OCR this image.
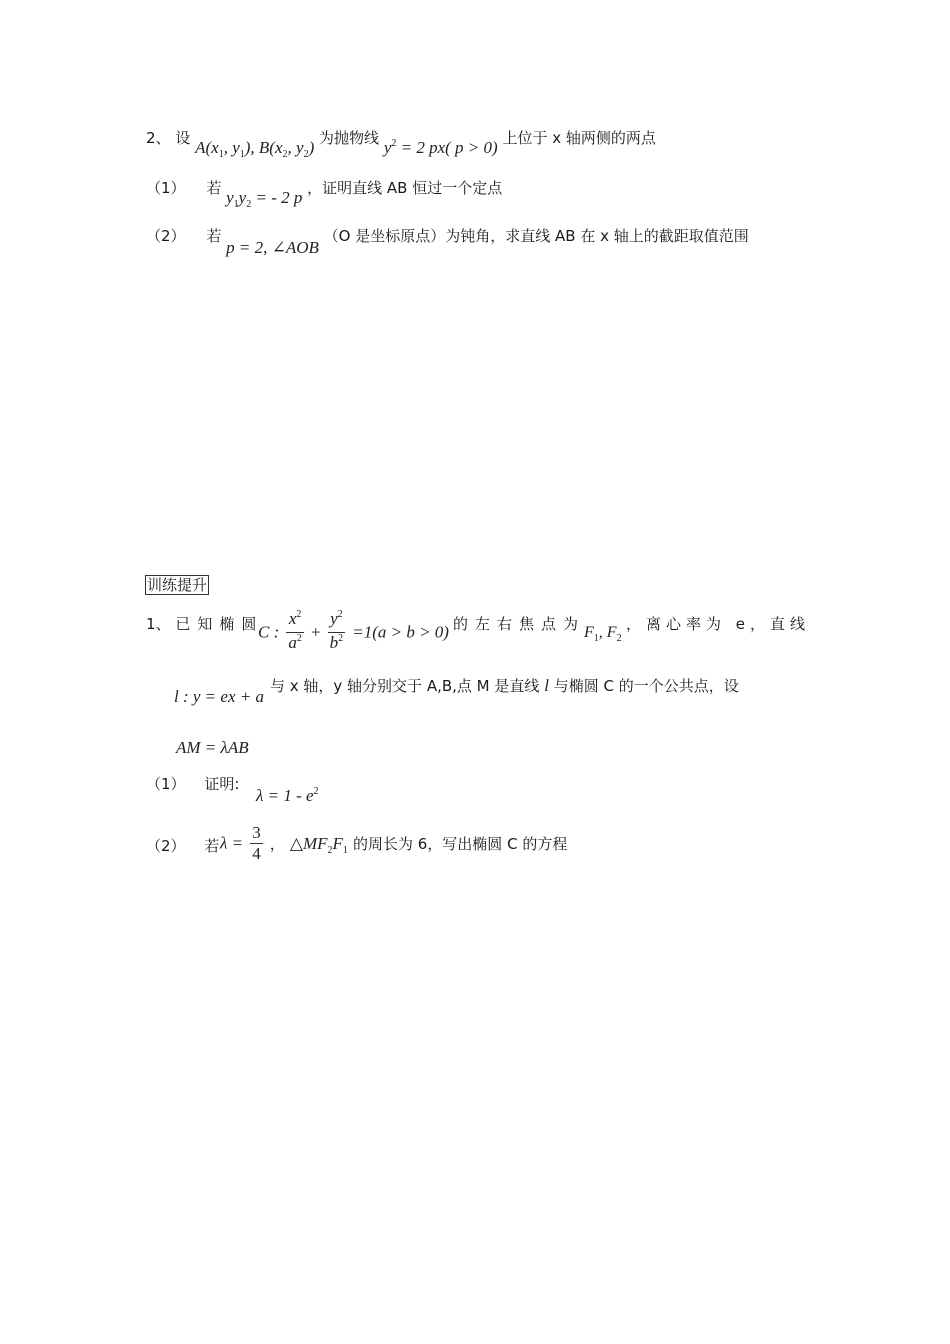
2、 设 $A(x_1$, $y_1$), $B(x_2$, $y_2$) 为抛物线 $y^2 = 2$ px( p > 0) 上位于 x 轴两侧的两点
（1） 若 $y_1y_2$ = - 2 p ，证明直线 AB 恒过一个定点
（2） 若 p = 2, ∠AOB （O 是坐标原点）为钝角，求直线 AB 在 x 轴上的截距取值范围
训练提升
1、 已知椭圆
C : $\frac{x^2}{a^2} + \frac{y^2}{b^2} =1(a > b > 0)$ 的左右焦点为
$F_1$, $F_2$
，离心率为 e，直线
l : y = ex + a
与 x 轴，y 轴分别交于 A,B,点 M 是直线 l 与椭圆 C 的一个公共点，设
AM = λAB
（1） 证明:
$\lambda = 1 - e^2$
（2） 若 $\lambda = \frac{3}{4}$ ， $\triangle MF_2F_1$ 的周长为 6，写出椭圆 C 的方程
